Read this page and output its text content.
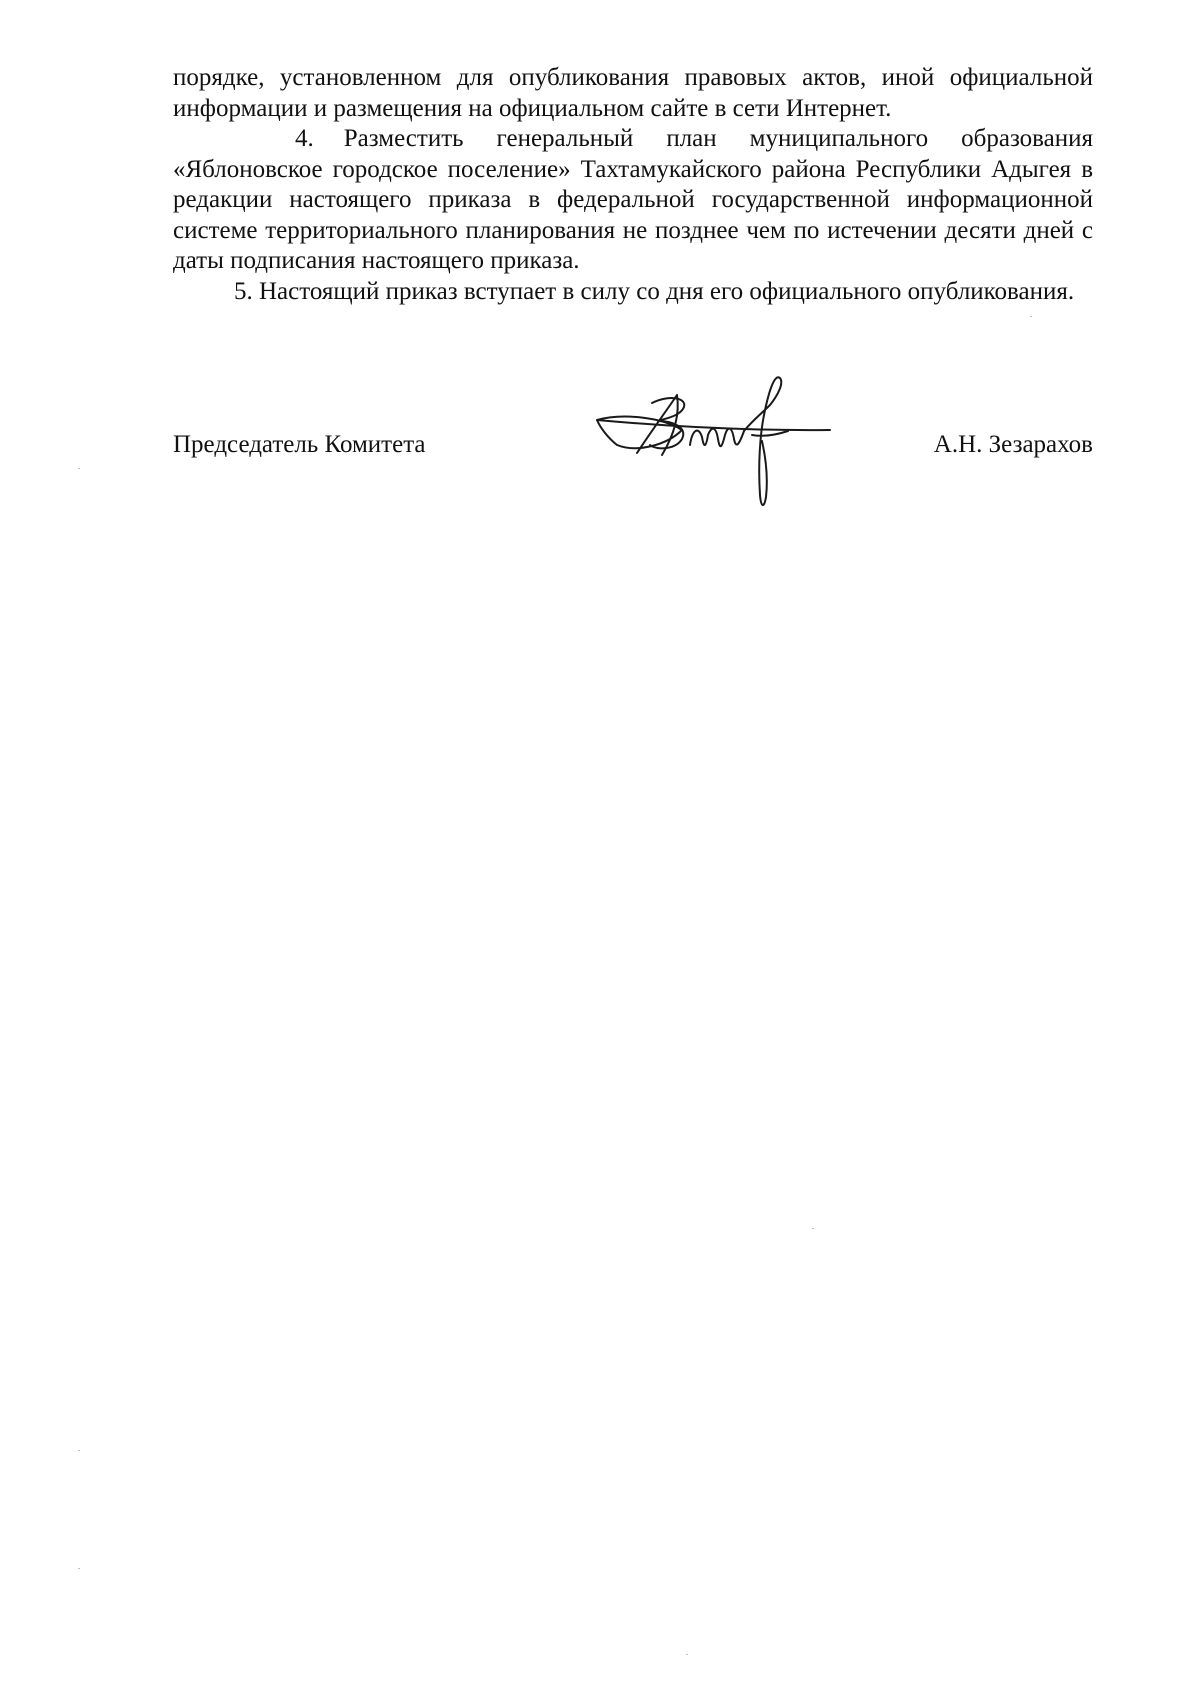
порядке, установленном для опубликования правовых актов, иной официальной информации и размещения на официальном сайте в сети Интернет.

4. Разместить генеральный план муниципального образования «Яблоновское городское поселение» Тахтамукайского района Республики Адыгея в редакции настоящего приказа в федеральной государственной информационной системе территориального планирования не позднее чем по истечении десяти дней с даты подписания настоящего приказа.

5. Настоящий приказ вступает в силу со дня его официального опубликования.

Председатель Комитета	А.Н. Зезарахов
